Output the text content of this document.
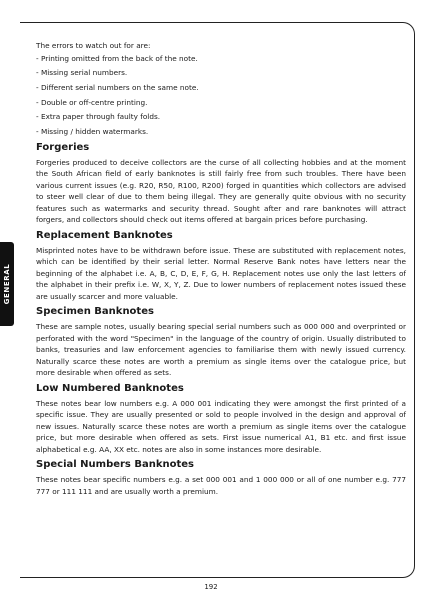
GENERAL

The errors to watch out for are:

- Printing omitted from the back of the note.
- Missing serial numbers.
- Different serial numbers on the same note.
- Double or off-centre printing.
- Extra paper through faulty folds.
- Missing / hidden watermarks.
Forgeries

Forgeries produced to deceive collectors are the curse of all collecting hobbies and at the moment the South African field of early banknotes is still fairly free from such troubles. There have been various current issues (e.g. R20, R50, R100, R200) forged in quantities which collectors are advised to steer well clear of due to them being illegal. They are generally quite obvious with no security features such as watermarks and security thread. Sought after and rare banknotes will attract forgers, and collectors should check out items offered at bargain prices before purchasing.

Replacement Banknotes

Misprinted notes have to be withdrawn before issue. These are substituted with replacement notes, which can be identified by their serial letter. Normal Reserve Bank notes have letters near the beginning of the alphabet i.e. A, B, C, D, E, F, G, H. Replacement notes use only the last letters of the alphabet in their prefix i.e. W, X, Y, Z. Due to lower numbers of replacement notes issued these are usually scarcer and more valuable.

Specimen Banknotes

These are sample notes, usually bearing special serial numbers such as 000 000 and overprinted or perforated with the word "Specimen" in the language of the country of origin. Usually distributed to banks, treasuries and law enforcement agencies to familiarise them with newly issued currency. Naturally scarce these notes are worth a premium as single items over the catalogue price, but more desirable when offered as sets.

Low Numbered Banknotes

These notes bear low numbers e.g. A 000 001 indicating they were amongst the first printed of a specific issue. They are usually presented or sold to people involved in the design and approval of new issues. Naturally scarce these notes are worth a premium as single items over the catalogue price, but more desirable when offered as sets. First issue numerical A1, B1 etc. and first issue alphabetical e.g. AA, XX etc. notes are also in some instances more desirable.

Special Numbers Banknotes

These notes bear specific numbers e.g. a set 000 001 and 1 000 000 or all of one number e.g. 777 777 or 111 111 and are usually worth a premium.

192
